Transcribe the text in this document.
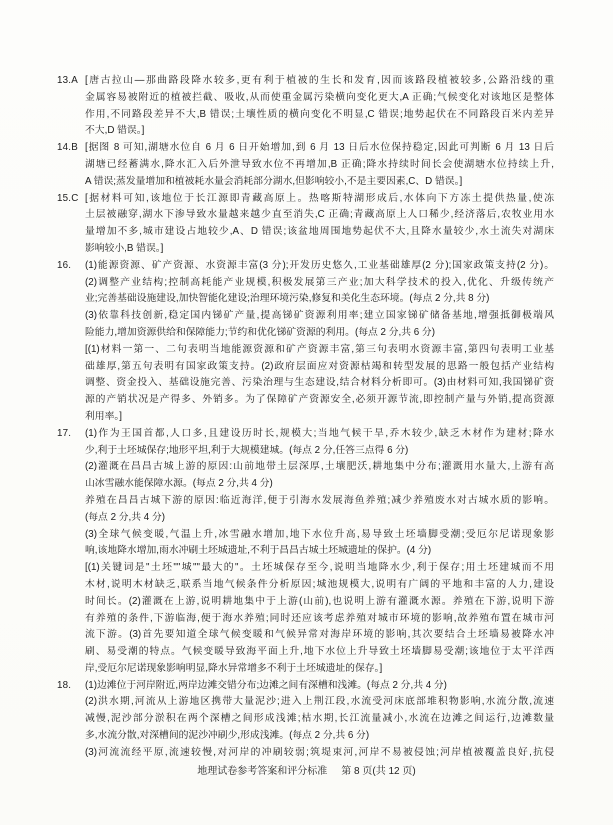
13.A [唐古拉山—那曲路段降水较多,更有利于植被的生长和发育,因而该路段植被较多,公路沿线的重
金属容易被附近的植被拦截、吸收,从而使重金属污染横向变化更大,A 正确;气候变化对该地区是整体
作用,不同路段差异不大,B 错误;土壤性质的横向变化不明显,C 错误;地势起伏在不同路段百米内差异
不大,D 错误。]
14.B [据图 8 可知,湖塘水位自 6 月 6 日开始增加,到 6 月 13 日后水位保持稳定,因此可判断 6 月 13 日后
湖塘已经蓄满水,降水汇入后外泄导致水位不再增加,B 正确;降水持续时间长会使湖塘水位持续上升,
A 错误;蒸发量增加和植被耗水量会消耗部分湖水,但影响较小,不是主要因素,C、D 错误。]
15.C [据材料可知,该地位于长江源即青藏高原上。热喀斯特湖形成后,水体向下方冻土提供热量,使冻
土层被融穿,湖水下渗导致水量越来越少直至消失,C 正确;青藏高原上人口稀少,经济落后,农牧业用水
量增加不多,城市建设占地较少,A、D 错误;该盆地周围地势起伏不大,且降水量较少,水土流失对湖床
影响较小,B 错误。]
16.	(1)能源资源、矿产资源、水资源丰富(3 分);开发历史悠久,工业基础雄厚(2 分);国家政策支持(2 分)。
(2)调整产业结构;控制高耗能产业规模,积极发展第三产业;加大科学技术的投入,优化、升级传统产
业;完善基础设施建设,加快智能化建设;治理环境污染,修复和美化生态环境。(每点 2 分,共 8 分)
(3)依靠科技创新,稳定国内锑矿产量,提高锑矿资源利用率;建立国家锑矿储备基地,增强抵御极端风
险能力,增加资源供给和保障能力;节约和优化锑矿资源的利用。(每点 2 分,共 6 分)
[(1)材料一第一、二句表明当地能源资源和矿产资源丰富,第三句表明水资源丰富,第四句表明工业基
础雄厚,第五句表明有国家政策支持。(2)政府层面应对资源枯竭和转型发展的思路一般包括产业结构
调整、资金投入、基础设施完善、污染治理与生态建设,结合材料分析即可。(3)由材料可知,我国锑矿资
源的产销状况是产得多、外销多。为了保障矿产资源安全,必须开源节流,即控制产量与外销,提高资源
利用率。]
17.	(1)作为王国首都,人口多,且建设历时长,规模大;当地气候干旱,乔木较少,缺乏木材作为建材;降水
少,利于土坯城保存;地形平坦,利于大规模建城。(每点 2 分,任答三点得 6 分)
(2)灌溉在昌昌古城上游的原因:山前地带土层深厚,土壤肥沃,耕地集中分布;灌溉用水量大,上游有高
山冰雪融水能保障水源。(每点 2 分,共 4 分)
养殖在昌昌古城下游的原因:临近海洋,便于引海水发展海鱼养殖;减少养殖废水对古城水质的影响。
(每点 2 分,共 4 分)
(3)全球气候变暖,气温上升,冰雪融水增加,地下水位升高,易导致土坯墙脚受潮;受厄尔尼诺现象影
响,该地降水增加,雨水冲刷土坯城遗址,不利于昌昌古城土坯城遗址的保护。(4 分)
[(1)关键词是"土坯""城""最大的"。土坯城保存至今,说明当地降水少,利于保存;用土坯建城而不用
木材,说明木材缺乏,联系当地气候条件分析原因;城池规模大,说明有广阔的平地和丰富的人力,建设
时间长。(2)灌溉在上游,说明耕地集中于上游(山前),也说明上游有灌溉水源。养殖在下游,说明下游
有养殖的条件,下游临海,便于海水养殖;同时还应该考虑养殖对城市环境的影响,故养殖布置在城市河
流下游。(3)首先要知道全球气候变暖和气候异常对海岸环境的影响,其次要结合土坯墙易被降水冲
刷、易受潮的特点。气候变暖导致海平面上升,地下水位上升导致土坯墙脚易受潮;该地位于太平洋西
岸,受厄尔尼诺现象影响明显,降水异常增多不利于土坯城遗址的保存。]
18.	(1)边滩位于河岸附近,两岸边滩交错分布;边滩之间有深槽和浅滩。(每点 2 分,共 4 分)
(2)洪水期,河流从上游地区携带大量泥沙;进入上荆江段,水流受河床底部堆积物影响,水流分散,流速
减慢,泥沙部分淤积在两个深槽之间形成浅滩;枯水期,长江流量减小,水流在边滩之间运行,边滩数量
多,水流分散,对深槽间的泥沙冲刷少,形成浅滩。(每点 2 分,共 6 分)
(3)河流流经平原,流速较慢,对河岸的冲刷较弱;筑堤束河,河岸不易被侵蚀;河岸植被覆盖良好,抗侵
地理试卷参考答案和评分标准 第 8 页(共 12 页)
